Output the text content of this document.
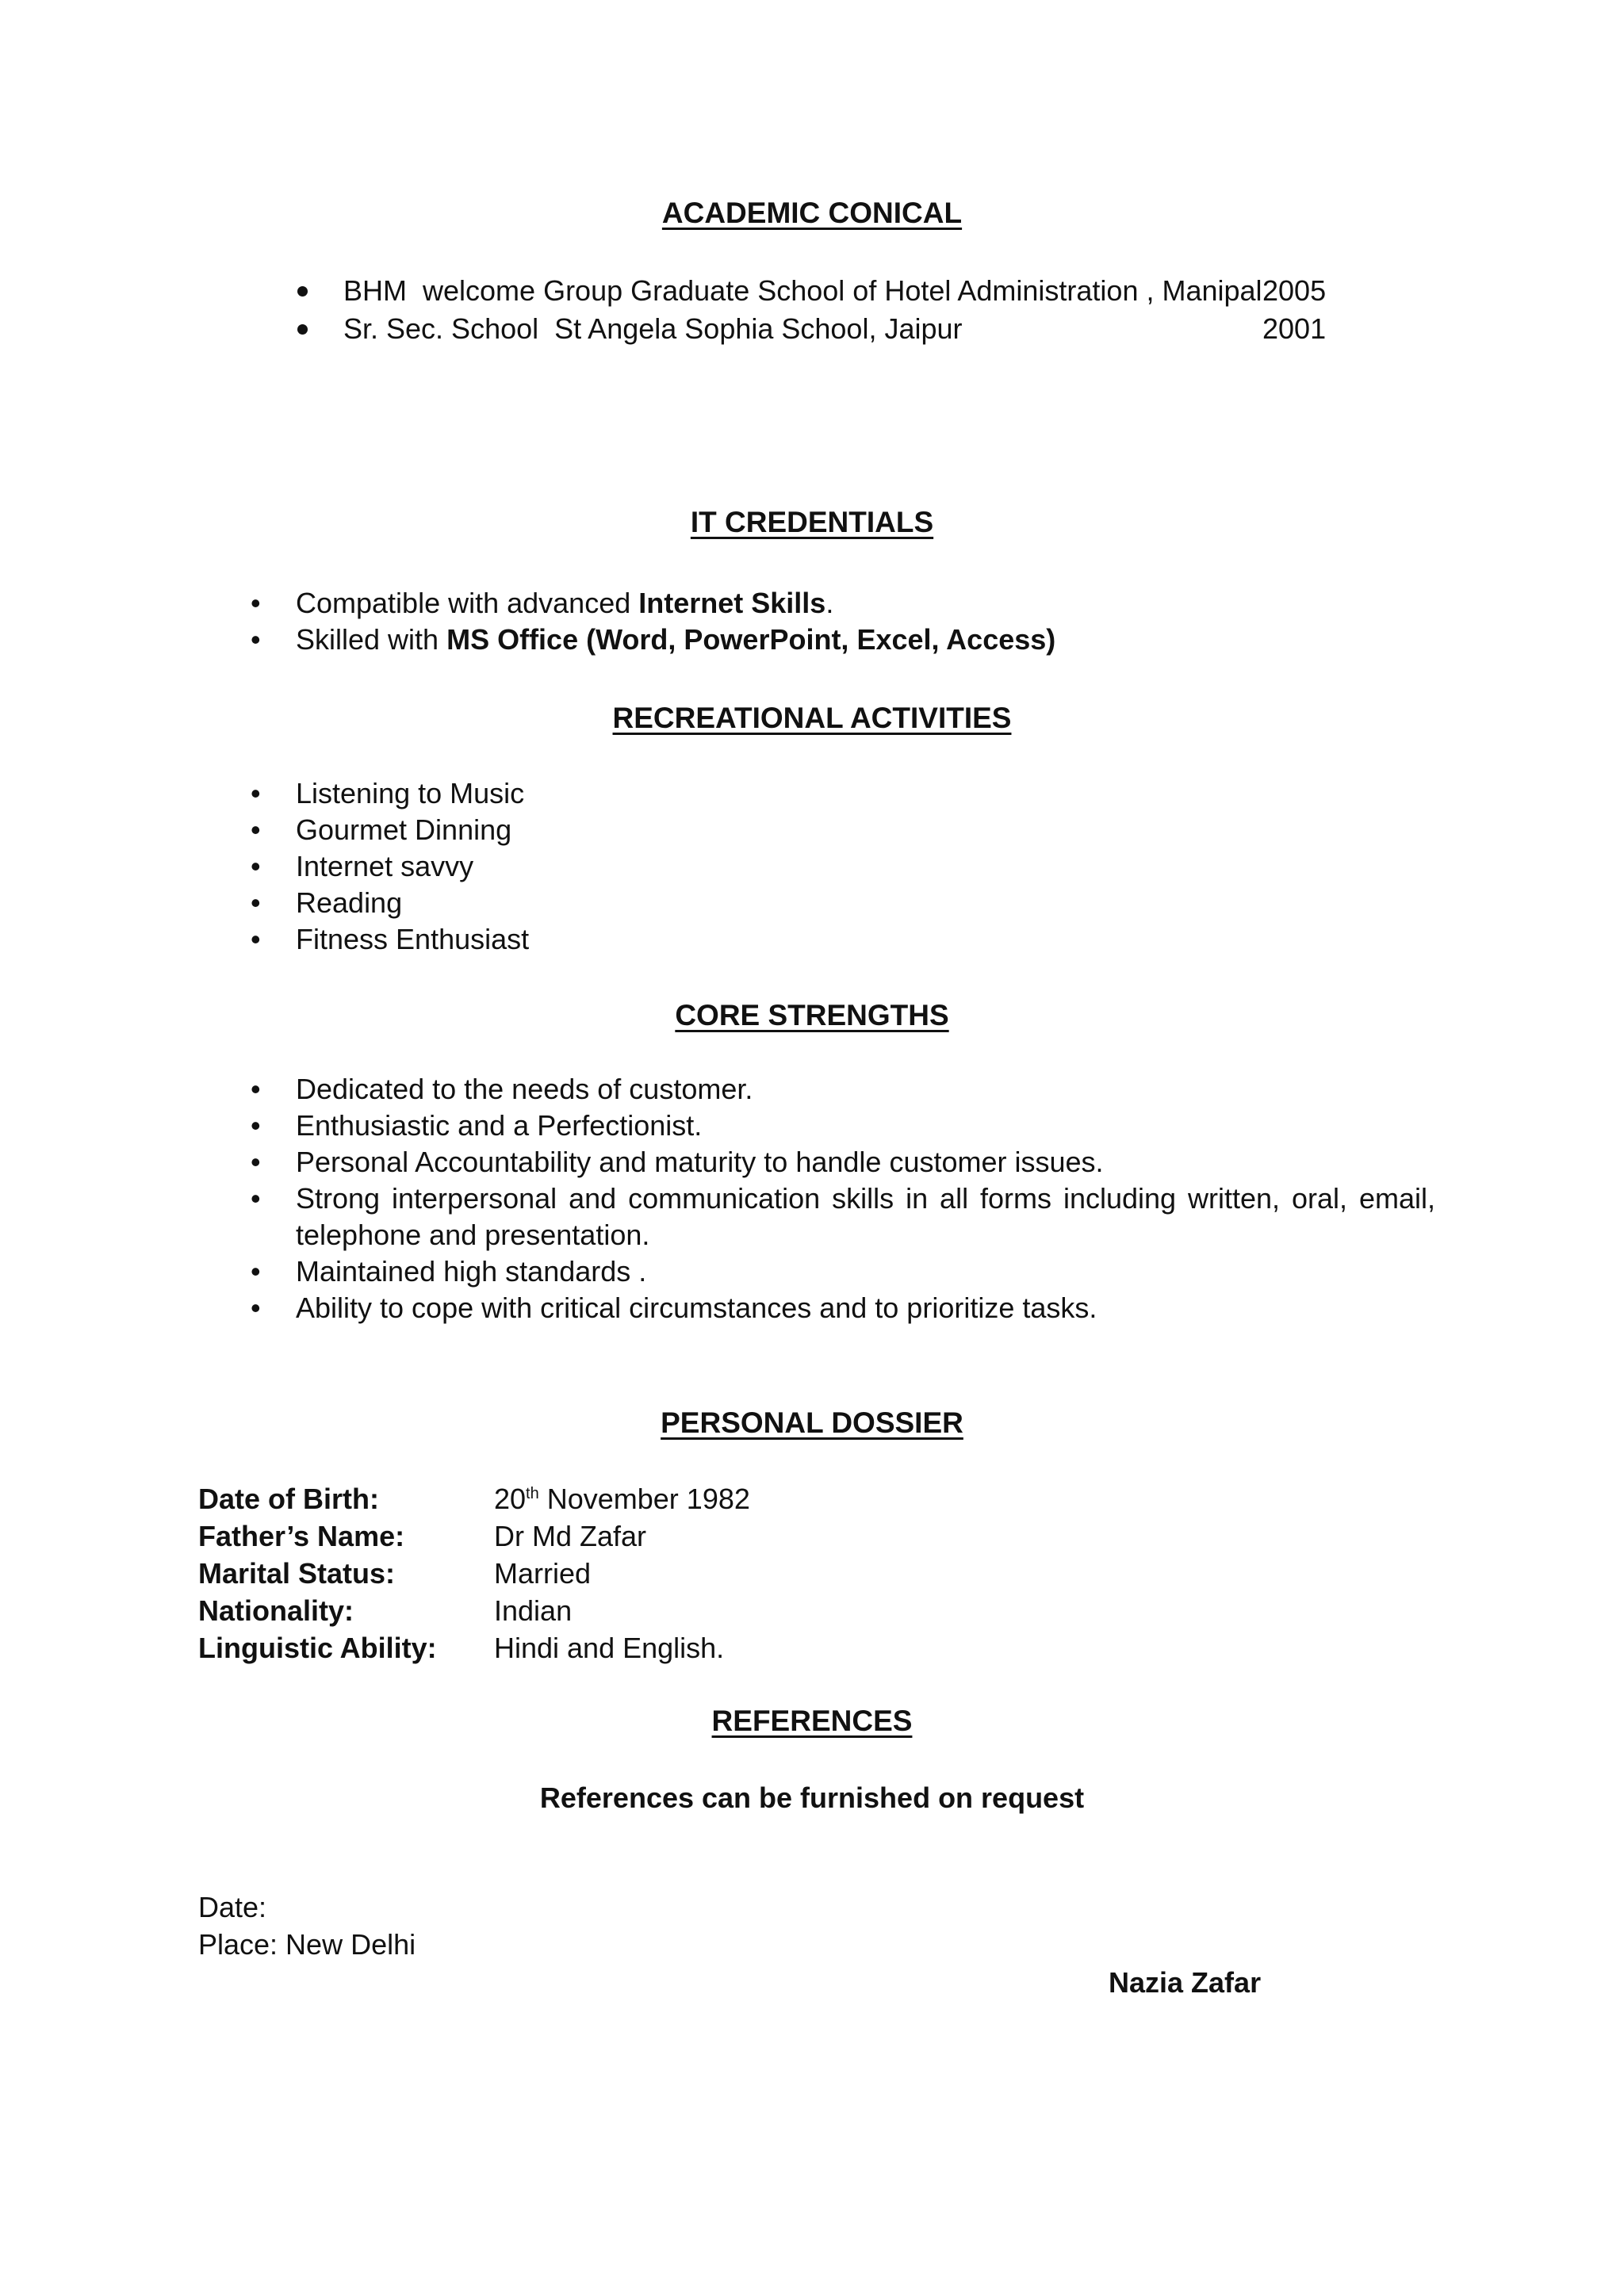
ACADEMIC CONICAL
BHM welcome Group Graduate School of Hotel Administration , Manipal 2005
Sr. Sec. School St Angela Sophia School, Jaipur	2001
IT CREDENTIALS
• Compatible with advanced Internet Skills.
• Skilled with MS Office (Word, PowerPoint, Excel, Access)
RECREATIONAL ACTIVITIES
• Listening to Music
• Gourmet Dinning
• Internet savvy
• Reading
• Fitness Enthusiast
CORE STRENGTHS
• Dedicated to the needs of customer.
• Enthusiastic and a Perfectionist.
• Personal Accountability and maturity to handle customer issues.
• Strong interpersonal and communication skills in all forms including written, oral, email,
telephone and presentation.
• Maintained high standards .
• Ability to cope with critical circumstances and to prioritize tasks.
PERSONAL DOSSIER
Date of Birth:	20th November 1982
Father’s Name:	Dr Md Zafar
Marital Status:	Married
Nationality:	Indian
Linguistic Ability: Hindi and English.
REFERENCES
References can be furnished on request
Date:
Place: New Delhi
Nazia Zafar
